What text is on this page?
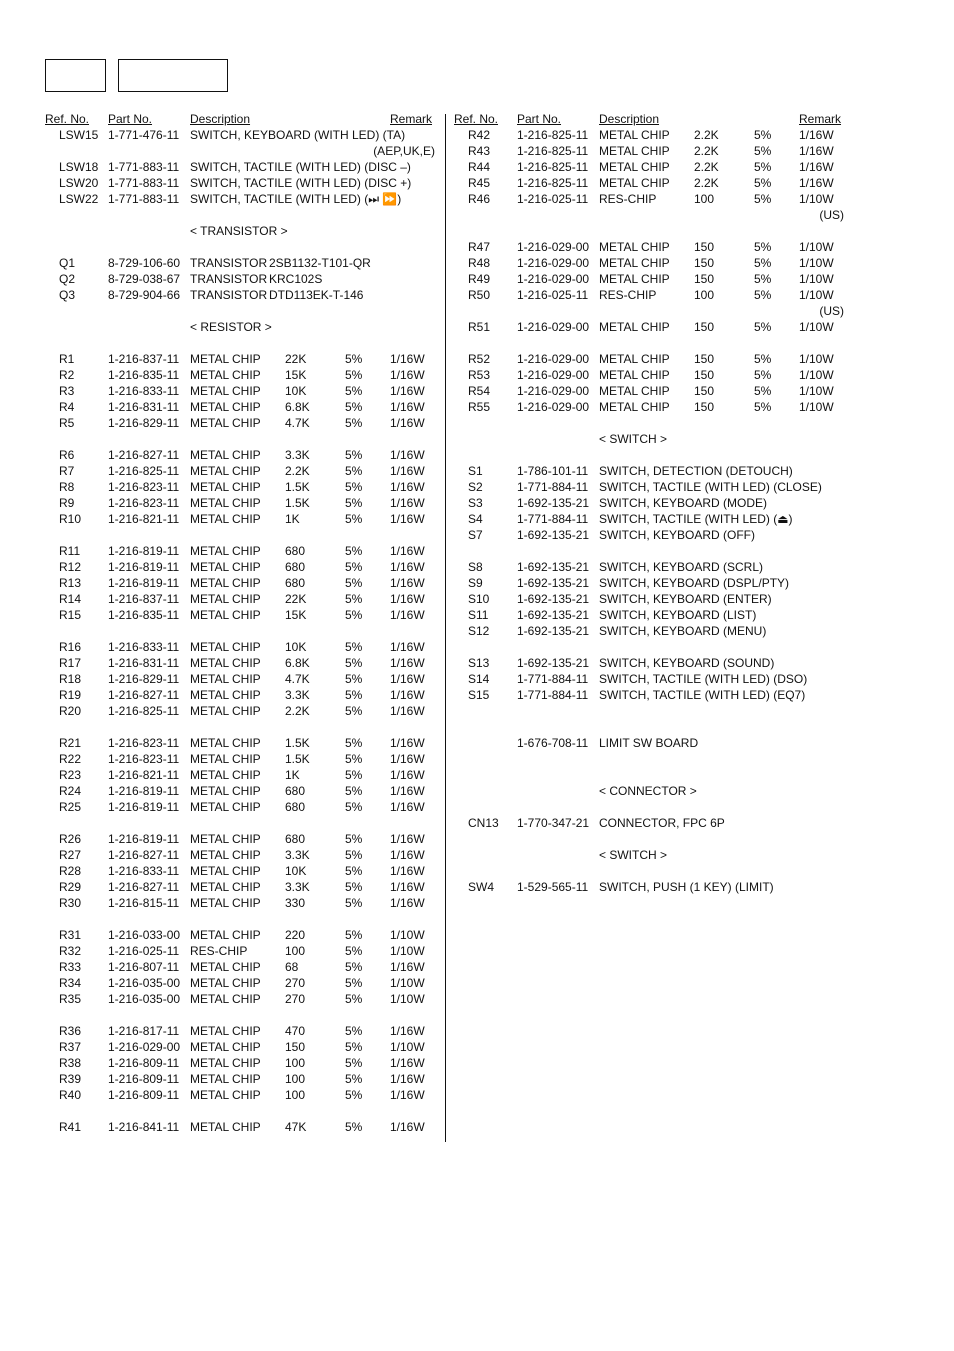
Ref. No. Part No.	Description	Remark
LSW15 1-771-476-11 SWITCH, KEYBOARD (WITH LED) (TA)
(AEP,UK,E)
LSW18 1-771-883-11 SWITCH, TACTILE (WITH LED) (DISC –)
LSW20 1-771-883-11 SWITCH, TACTILE (WITH LED) (DISC +)
LSW22 1-771-883-11 SWITCH, TACTILE (WITH LED) (⏭ ⏩)
< TRANSISTOR >
Q1	8-729-106-60 TRANSISTOR 2SB1132-T101-QR
Q2	8-729-038-67 TRANSISTOR KRC102S
Q3	8-729-904-66 TRANSISTOR DTD113EK-T-146
< RESISTOR >
R1	1-216-837-11 METAL CHIP 22K	5% 1/16W
R2	1-216-835-11 METAL CHIP 15K	5% 1/16W
R3	1-216-833-11 METAL CHIP 10K	5% 1/16W
R4	1-216-831-11 METAL CHIP 6.8K	5% 1/16W
R5	1-216-829-11 METAL CHIP 4.7K	5% 1/16W
R6	1-216-827-11 METAL CHIP 3.3K	5% 1/16W
R7	1-216-825-11 METAL CHIP 2.2K	5% 1/16W
R8	1-216-823-11 METAL CHIP 1.5K	5% 1/16W
R9	1-216-823-11 METAL CHIP 1.5K	5% 1/16W
R10 1-216-821-11 METAL CHIP 1K	5% 1/16W
R11 1-216-819-11 METAL CHIP 680	5% 1/16W
R12 1-216-819-11 METAL CHIP 680	5% 1/16W
R13 1-216-819-11 METAL CHIP 680	5% 1/16W
R14 1-216-837-11 METAL CHIP 22K	5% 1/16W
R15 1-216-835-11 METAL CHIP 15K	5% 1/16W
R16 1-216-833-11 METAL CHIP 10K	5% 1/16W
R17 1-216-831-11 METAL CHIP 6.8K	5% 1/16W
R18 1-216-829-11 METAL CHIP 4.7K	5% 1/16W
R19 1-216-827-11 METAL CHIP 3.3K	5% 1/16W
R20 1-216-825-11 METAL CHIP 2.2K	5% 1/16W
R21 1-216-823-11 METAL CHIP 1.5K	5% 1/16W
R22 1-216-823-11 METAL CHIP 1.5K	5% 1/16W
R23 1-216-821-11 METAL CHIP 1K	5% 1/16W
R24 1-216-819-11 METAL CHIP 680	5% 1/16W
R25 1-216-819-11 METAL CHIP 680	5% 1/16W
R26 1-216-819-11 METAL CHIP 680	5% 1/16W
R27 1-216-827-11 METAL CHIP 3.3K	5% 1/16W
R28 1-216-833-11 METAL CHIP 10K	5% 1/16W
R29 1-216-827-11 METAL CHIP 3.3K	5% 1/16W
R30 1-216-815-11 METAL CHIP 330	5% 1/16W
R31 1-216-033-00 METAL CHIP 220	5% 1/10W
R32 1-216-025-11 RES-CHIP	100	5% 1/10W
R33 1-216-807-11 METAL CHIP 68	5% 1/16W
R34 1-216-035-00 METAL CHIP 270	5% 1/10W
R35 1-216-035-00 METAL CHIP 270	5% 1/10W
R36 1-216-817-11 METAL CHIP 470	5% 1/16W
R37 1-216-029-00 METAL CHIP 150	5% 1/10W
R38 1-216-809-11 METAL CHIP 100	5% 1/16W
R39 1-216-809-11 METAL CHIP 100	5% 1/16W
R40 1-216-809-11 METAL CHIP 100	5% 1/16W
R41 1-216-841-11 METAL CHIP 47K	5% 1/16W
Ref. No. Part No.	Description	Remark
R42 1-216-825-11 METAL CHIP 2.2K	5% 1/16W
R43 1-216-825-11 METAL CHIP 2.2K	5% 1/16W
R44 1-216-825-11 METAL CHIP 2.2K	5% 1/16W
R45 1-216-825-11 METAL CHIP 2.2K	5% 1/16W
R46 1-216-025-11 RES-CHIP	100	5% 1/10W
(US)
R47 1-216-029-00 METAL CHIP 150	5% 1/10W
R48 1-216-029-00 METAL CHIP 150	5% 1/10W
R49 1-216-029-00 METAL CHIP 150	5% 1/10W
R50 1-216-025-11 RES-CHIP	100	5% 1/10W
(US)
R51 1-216-029-00 METAL CHIP 150	5% 1/10W
R52 1-216-029-00 METAL CHIP 150	5% 1/10W
R53 1-216-029-00 METAL CHIP 150	5% 1/10W
R54 1-216-029-00 METAL CHIP 150	5% 1/10W
R55 1-216-029-00 METAL CHIP 150	5% 1/10W
< SWITCH >
S1	1-786-101-11 SWITCH, DETECTION (DETOUCH)
S2	1-771-884-11 SWITCH, TACTILE (WITH LED) (CLOSE)
S3	1-692-135-21 SWITCH, KEYBOARD (MODE)
S4	1-771-884-11 SWITCH, TACTILE (WITH LED) (⏏)
S7	1-692-135-21 SWITCH, KEYBOARD (OFF)
S8	1-692-135-21 SWITCH, KEYBOARD (SCRL)
S9	1-692-135-21 SWITCH, KEYBOARD (DSPL/PTY)
S10 1-692-135-21 SWITCH, KEYBOARD (ENTER)
S11 1-692-135-21 SWITCH, KEYBOARD (LIST)
S12 1-692-135-21 SWITCH, KEYBOARD (MENU)
S13 1-692-135-21 SWITCH, KEYBOARD (SOUND)
S14 1-771-884-11 SWITCH, TACTILE (WITH LED) (DSO)
S15 1-771-884-11 SWITCH, TACTILE (WITH LED) (EQ7)
1-676-708-11 LIMIT SW BOARD
< CONNECTOR >
CN13 1-770-347-21 CONNECTOR, FPC 6P
< SWITCH >
SW4 1-529-565-11 SWITCH, PUSH (1 KEY) (LIMIT)
